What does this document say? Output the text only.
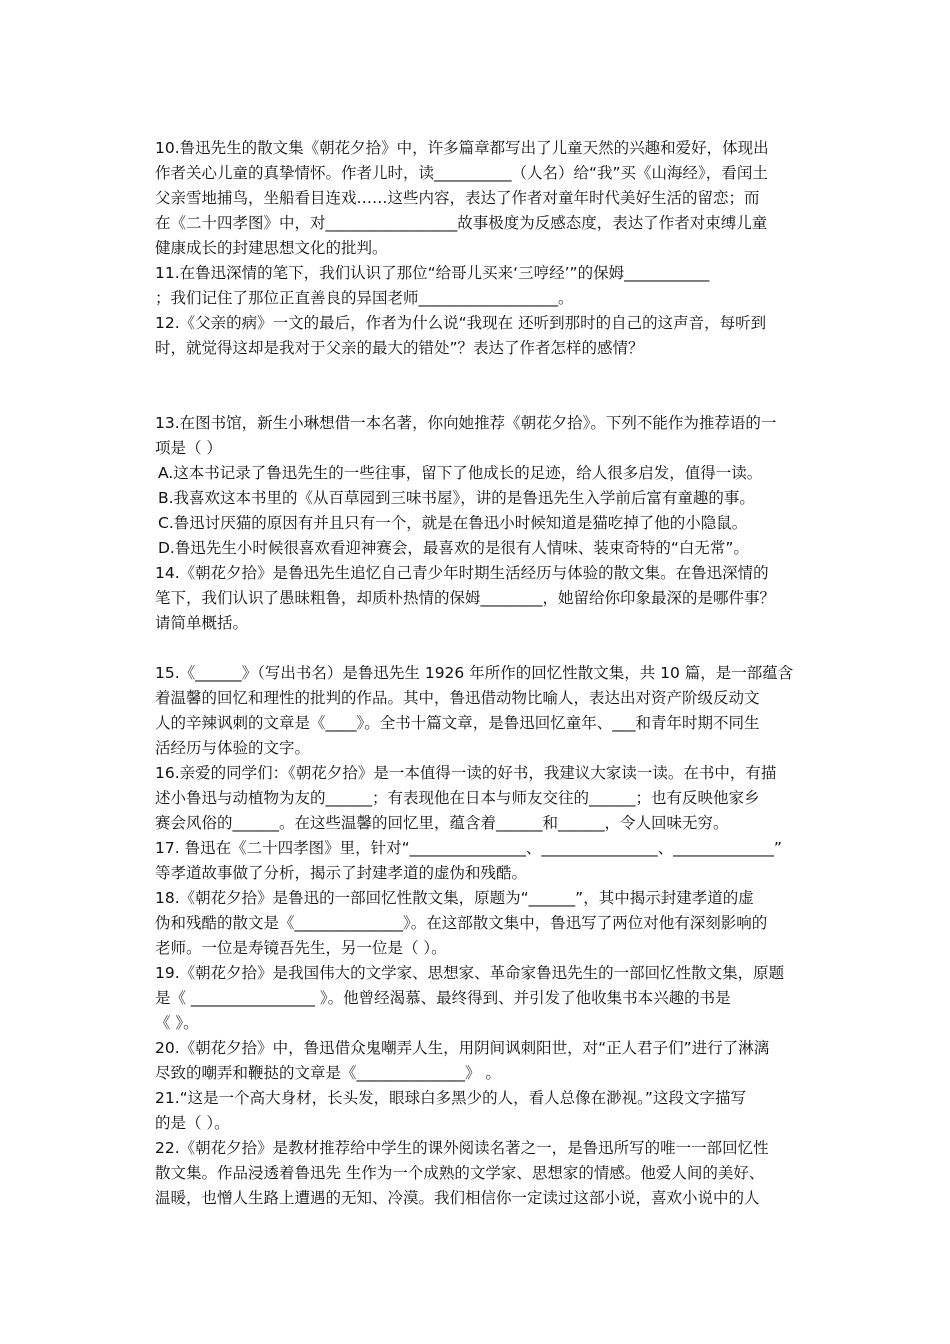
10.鲁迅先生的散文集《朝花夕拾》中，许多篇章都写出了儿童天然的兴趣和爱好，体现出
作者关心儿童的真挚情怀。作者儿时，读__________（人名）给“我”买《山海经》，看闰土
父亲雪地捕鸟，坐船看目连戏……这些内容，表达了作者对童年时代美好生活的留恋；而
在《二十四孝图》中，对_________________故事极度为反感态度，表达了作者对束缚儿童
健康成长的封建思想文化的批判。
11.在鲁迅深情的笔下，我们认识了那位“给哥儿买来‘三哼经’”的保姆___________
；我们记住了那位正直善良的异国老师__________________。
12.《父亲的病》一文的最后，作者为什么说“我现在 还听到那时的自己的这声音，每听到
时，就觉得这却是我对于父亲的最大的错处”？表达了作者怎样的感情？
13.在图书馆，新生小琳想借一本名著，你向她推荐《朝花夕拾》。下列不能作为推荐语的一
项是（ ）
A.这本书记录了鲁迅先生的一些往事，留下了他成长的足迹，给人很多启发，值得一读。
B.我喜欢这本书里的《从百草园到三味书屋》，讲的是鲁迅先生入学前后富有童趣的事。
C.鲁迅讨厌猫的原因有并且只有一个，就是在鲁迅小时候知道是猫吃掉了他的小隐鼠。
D.鲁迅先生小时候很喜欢看迎神赛会，最喜欢的是很有人情味、装束奇特的“白无常”。
14.《朝花夕拾》是鲁迅先生追忆自己青少年时期生活经历与体验的散文集。在鲁迅深情的
笔下，我们认识了愚昧粗鲁，却质朴热情的保姆________，她留给你印象最深的是哪件事？
请简单概括。
15.《______》（写出书名）是鲁迅先生 1926 年所作的回忆性散文集，共 10 篇，是一部蕴含
着温馨的回忆和理性的批判的作品。其中，鲁迅借动物比喻人，表达出对资产阶级反动文
人的辛辣讽刺的文章是《____》。全书十篇文章，是鲁迅回忆童年、___和青年时期不同生
活经历与体验的文字。
16.亲爱的同学们：《朝花夕拾》是一本值得一读的好书，我建议大家读一读。在书中，有描
述小鲁迅与动植物为友的______；有表现他在日本与师友交往的______；也有反映他家乡
赛会风俗的______。在这些温馨的回忆里，蕴含着______和______，令人回味无穷。
17. 鲁迅在《二十四孝图》里，针对“_______________、_______________、_____________”
等孝道故事做了分析，揭示了封建孝道的虚伪和残酷。
18.《朝花夕拾》是鲁迅的一部回忆性散文集，原题为“______”，其中揭示封建孝道的虚
伪和残酷的散文是《______________》。在这部散文集中，鲁迅写了两位对他有深刻影响的
老师。一位是寿镜吾先生，另一位是（ ）。
19.《朝花夕拾》是我国伟大的文学家、思想家、革命家鲁迅先生的一部回忆性散文集，原题
是《 ________________ 》。他曾经渴慕、最终得到、并引发了他收集书本兴趣的书是
《 》。
20.《朝花夕拾》中，鲁迅借众鬼嘲弄人生，用阴间讽刺阳世，对“正人君子们”进行了淋漓
尽致的嘲弄和鞭挞的文章是《______________》 。
21.“这是一个高大身材，长头发，眼球白多黑少的人，看人总像在渺视。”这段文字描写
的是（ ）。
22.《朝花夕拾》是教材推荐给中学生的课外阅读名著之一，是鲁迅所写的唯一一部回忆性
散文集。作品浸透着鲁迅先 生作为一个成熟的文学家、思想家的情感。他爱人间的美好、
温暖，也憎人生路上遭遇的无知、冷漠。我们相信你一定读过这部小说，喜欢小说中的人
